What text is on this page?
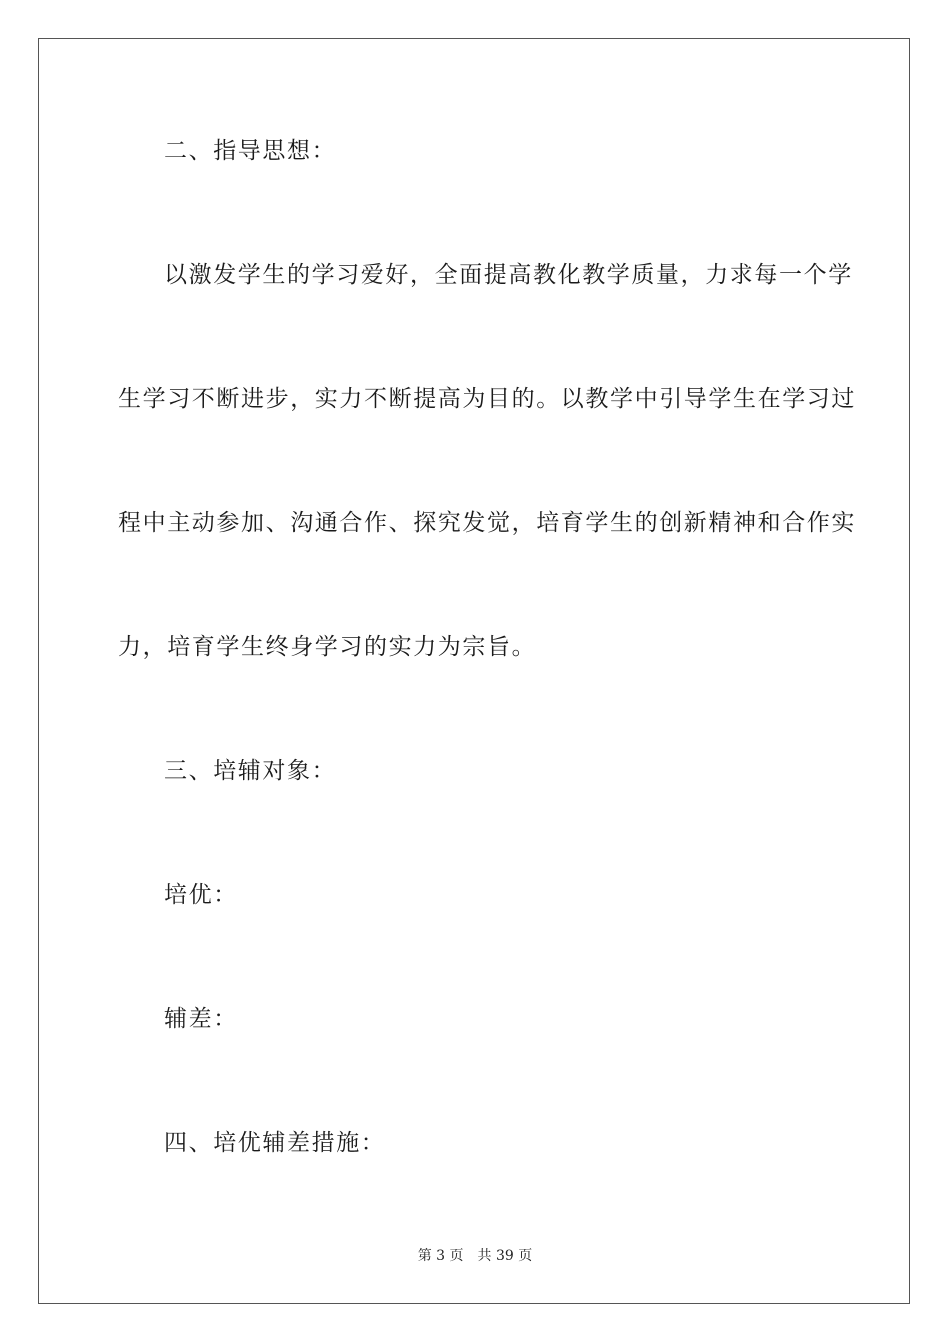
二、指导思想：
以激发学生的学习爱好，全面提高教化教学质量，力求每一个学
生学习不断进步，实力不断提高为目的。以教学中引导学生在学习过
程中主动参加、沟通合作、探究发觉，培育学生的创新精神和合作实
力，培育学生终身学习的实力为宗旨。
三、培辅对象：
培优：
辅差：
四、培优辅差措施：
第 3 页 共 39 页
